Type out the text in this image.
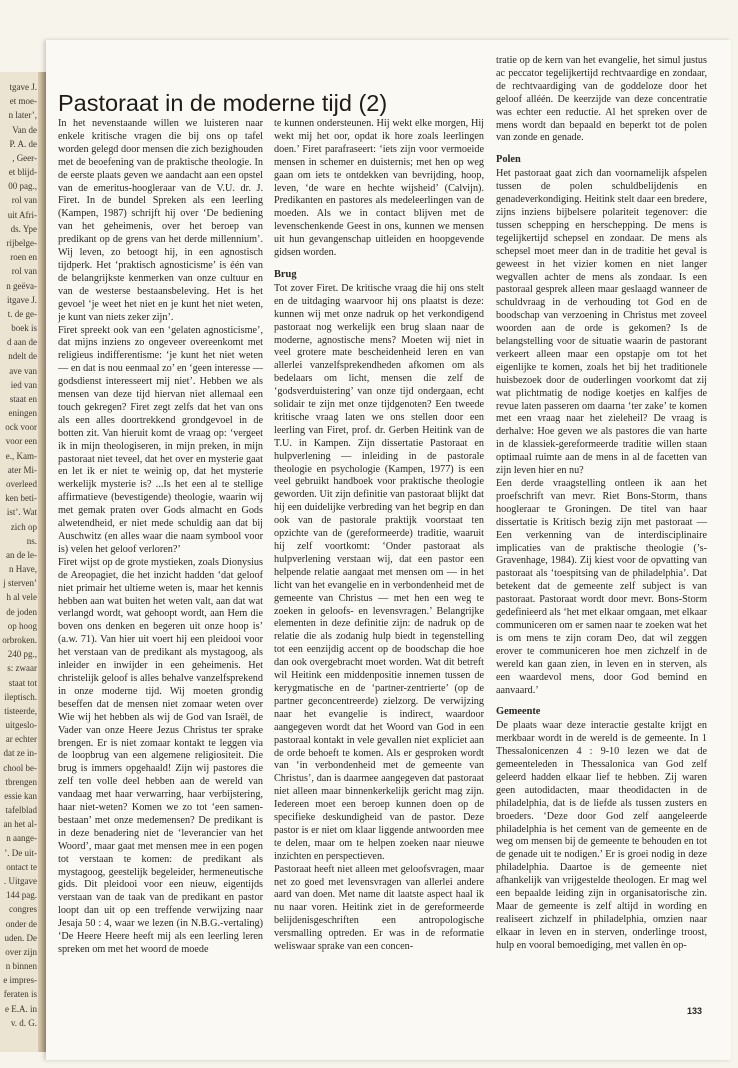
tgave J.
et moe-
n later’,
Van de
P. A. de
, Geer-
et blijd-
00 pag.,
rol van
uit Afri-
ds. Ype
rijbelge-
roen en
rol van
n geëva-
itgave J.
t. de ge-
boek is
d aan de
ndelt de
ave van
ied van
staat en
eningen
ock voor
voor een
e., Kam-
ater Mi-
overleed
ken beti-
ist’. Wat
zich op
ns.
an de le-
n Have,
j sterven’
h al vele
de joden
op hoog
orbroken.
240 pg.,
s: zwaar
staat tot
ileptisch.
tisteerde,
uitgeslo-
ar echter
dat ze in-
chool be-
tbrengen
essie kan
tafelblad
an het al-
n aange-
’. De uit-
ontact te
. Uitgave
144 pag.
congres
onder de
uden. De
over zijn
n binnen
e impres-
feraten is
e E.A. in
v. d. G.
Pastoraat in de moderne tijd (2)

In het nevenstaande willen we luisteren naar enkele kritische vragen die bij ons op tafel worden gelegd door mensen die zich bezighouden met de beoefening van de praktische theologie. In de eerste plaats geven we aandacht aan een opstel van de emeritus-hoogleraar van de V.U. dr. J. Firet. In de bundel Spreken als een leerling (Kampen, 1987) schrijft hij over ‘De bediening van het geheimenis, over het beroep van predikant op de grens van het derde millennium’. Wij leven, zo betoogt hij, in een agnostisch tijdperk. Het ‘praktisch agnosticisme’ is één van de belangrijkste kenmerken van onze cultuur en van de westerse bestaansbeleving. Het is het gevoel ‘je weet het niet en je kunt het niet weten, je kunt van niets zeker zijn’.

Firet spreekt ook van een ‘gelaten agnosticisme’, dat mijns inziens zo ongeveer overeenkomt met religieus indifferentisme: ‘je kunt het niet weten — en dat is nou eenmaal zo’ en ‘geen interesse — godsdienst interesseert mij niet’. Hebben we als mensen van deze tijd hiervan niet allemaal een touch gekregen? Firet zegt zelfs dat het van ons als een alles doortrekkend grondgevoel in de botten zit. Van hieruit komt de vraag op: ‘vergeet ik in mijn theologiseren, in mijn preken, in mijn pastoraat niet teveel, dat het over en mysterie gaat en let ik er niet te weinig op, dat het mysterie werkelijk mysterie is? ...Is het een al te stellige affirmatieve (bevestigende) theologie, waarin wij met gemak praten over Gods almacht en Gods alwetendheid, er niet mede schuldig aan dat bij Auschwitz (en alles waar die naam symbool voor is) velen het geloof verloren?’

Firet wijst op de grote mystieken, zoals Dionysius de Areopagiet, die het inzicht hadden ‘dat geloof niet primair het ultieme weten is, maar het kennis hebben aan wat buiten het weten valt, aan dat wat verlangd wordt, wat gehoopt wordt, aan Hem die boven ons denken en begeren uit onze hoop is’ (a.w. 71). Van hier uit voert hij een pleidooi voor het verstaan van de predikant als mystagoog, als inleider en inwijder in een geheimenis. Het christelijk geloof is alles behalve vanzelfsprekend in onze moderne tijd. Wij moeten grondig beseffen dat de mensen niet zomaar weten over Wie wij het hebben als wij de God van Israël, de Vader van onze Heere Jezus Christus ter sprake brengen. Er is niet zomaar kontakt te leggen via de loopbrug van een algemene religiositeit. Die brug is immers opgehaald! Zijn wij pastores die zelf ten volle deel hebben aan de wereld van vandaag met haar verwarring, haar verbijstering, haar niet-weten? Komen we zo tot ‘een samen-bestaan’ met onze medemensen? De predikant is in deze benadering niet de ‘leverancier van het Woord’, maar gaat met mensen mee in een pogen tot verstaan te komen: de predikant als mystagoog, geestelijk begeleider, hermeneutische gids. Dit pleidooi voor een nieuw, eigentijds verstaan van de taak van de predikant en pastor loopt dan uit op een treffende verwijzing naar Jesaja 50 : 4, waar we lezen (in N.B.G.-vertaling) ‘De Heere Heere heeft mij als een leerling leren spreken om met het woord de moede

te kunnen ondersteunen. Hij wekt elke morgen, Hij wekt mij het oor, opdat ik hore zoals leerlingen doen.’ Firet parafraseert: ‘iets zijn voor vermoeide mensen in schemer en duisternis; met hen op weg gaan om iets te ontdekken van bevrijding, hoop, leven, ‘de ware en hechte wijsheid’ (Calvijn). Predikanten en pastores als medeleerlingen van de moeden. Als we in contact blijven met de levenschenkende Geest in ons, kunnen we mensen uit hun gevangenschap uitleiden en hoopgevende gidsen worden.

Brug

Tot zover Firet. De kritische vraag die hij ons stelt en de uitdaging waarvoor hij ons plaatst is deze: kunnen wij met onze nadruk op het verkondigend pastoraat nog werkelijk een brug slaan naar de moderne, agnostische mens? Moeten wij niet in veel grotere mate bescheidenheid leren en van allerlei vanzelfsprekendheden afkomen om als bedelaars om licht, mensen die zelf de ‘godsverduistering’ van onze tijd ondergaan, echt solidair te zijn met onze tijdgenoten? Een tweede kritische vraag laten we ons stellen door een leerling van Firet, prof. dr. Gerben Heitink van de T.U. in Kampen. Zijn dissertatie Pastoraat en hulpverlening — inleiding in de pastorale theologie en psychologie (Kampen, 1977) is een veel gebruikt handboek voor praktische theologie geworden. Uit zijn definitie van pastoraat blijkt dat hij een duidelijke verbreding van het begrip en dan ook van de pastorale praktijk voorstaat ten opzichte van de (gereformeerde) traditie, waaruit hij zelf voortkomt: ‘Onder pastoraat als hulpverlening verstaan wij, dat een pastor een helpende relatie aangaat met mensen om — in het licht van het evangelie en in verbondenheid met de gemeente van Christus — met hen een weg te zoeken in geloofs- en levensvragen.’ Belangrijke elementen in deze definitie zijn: de nadruk op de relatie die als zodanig hulp biedt in tegenstelling tot een eenzijdig accent op de boodschap die hoe dan ook overgebracht moet worden. Wat dit betreft wil Heitink een middenpositie innemen tussen de kerygmatische en de ‘partner-zentrierte’ (op de partner geconcentreerde) zielzorg. De verwijzing naar het evangelie is indirect, waardoor aangegeven wordt dat het Woord van God in een pastoraal kontakt in vele gevallen niet expliciet aan de orde behoeft te komen. Als er gesproken wordt van ‘in verbondenheid met de gemeente van Christus’, dan is daarmee aangegeven dat pastoraat niet alleen maar binnenkerkelijk gericht mag zijn. Iedereen moet een beroep kunnen doen op de specifieke deskundigheid van de pastor. Deze pastor is er niet om klaar liggende antwoorden mee te delen, maar om te helpen zoeken naar nieuwe inzichten en perspectieven.

Pastoraat heeft niet alleen met geloofsvragen, maar net zo goed met levensvragen van allerlei andere aard van doen. Met name dit laatste aspect haal ik nu naar voren. Heitink ziet in de gereformeerde belijdenisgeschriften een antropologische versmalling optreden. Er was in de reformatie weliswaar sprake van een concen-

tratie op de kern van het evangelie, het simul justus ac peccator tegelijkertijd rechtvaardige en zondaar, de rechtvaardiging van de goddeloze door het geloof alléén. De keerzijde van deze concentratie was echter een reductie. Al het spreken over de mens wordt dan bepaald en beperkt tot de polen van zonde en genade.

Polen

Het pastoraat gaat zich dan voornamelijk afspelen tussen de polen schuldbelijdenis en genadeverkondiging. Heitink stelt daar een bredere, zijns inziens bijbelsere polariteit tegenover: die tussen schepping en herschepping. De mens is tegelijkertijd schepsel en zondaar. De mens als schepsel moet meer dan in de traditie het geval is geweest in het vizier komen en niet langer wegvallen achter de mens als zondaar. Is een pastoraal gesprek alleen maar geslaagd wanneer de schuldvraag in de verhouding tot God en de boodschap van verzoening in Christus met zoveel woorden aan de orde is gekomen? Is de belangstelling voor de situatie waarin de pastorant verkeert alleen maar een opstapje om tot het eigenlijke te komen, zoals het bij het traditionele huisbezoek door de ouderlingen voorkomt dat zij wat plichtmatig de nodige koetjes en kalfjes de revue laten passeren om daarna ‘ter zake’ te komen met een vraag naar het zieleheil? De vraag is derhalve: Hoe geven we als pastores die van harte in de klassiek-gereformeerde traditie willen staan optimaal ruimte aan de mens in al de facetten van zijn leven hier en nu?

Een derde vraagstelling ontleen ik aan het proefschrift van mevr. Riet Bons-Storm, thans hoogleraar te Groningen. De titel van haar dissertatie is Kritisch bezig zijn met pastoraat — Een verkenning van de interdisciplinaire implicaties van de praktische theologie (’s-Gravenhage, 1984). Zij kiest voor de opvatting van pastoraat als ‘toespitsing van de philadelphia’. Dat betekent dat de gemeente zelf subject is van pastoraat. Pastoraat wordt door mevr. Bons-Storm gedefinieerd als ‘het met elkaar omgaan, met elkaar communiceren om er samen naar te zoeken wat het is om mens te zijn coram Deo, dat wil zeggen erover te communiceren hoe men zichzelf in de wereld kan gaan zien, in leven en in sterven, als een waardevol mens, door God bemind en aanvaard.’

Gemeente

De plaats waar deze interactie gestalte krijgt en merkbaar wordt in de wereld is de gemeente. In 1 Thessalonicenzen 4 : 9-10 lezen we dat de gemeenteleden in Thessalonica van God zelf geleerd hadden elkaar lief te hebben. Zij waren geen autodidacten, maar theodidacten in de philadelphia, dat is de liefde als tussen zusters en broeders. ‘Deze door God zelf aangeleerde philadelphia is het cement van de gemeente en de weg om mensen bij de gemeente te behouden en tot de genade uit te nodigen.’ Er is groei nodig in deze philadelphia. Daartoe is de gemeente niet afhankelijk van vrijgestelde theologen. Er mag wel een bepaalde leiding zijn in organisatorische zin. Maar de gemeente is zelf altijd in wording en realiseert zichzelf in philadelphia, omzien naar elkaar in leven en in sterven, onderlinge troost, hulp en vooral bemoediging, met vallen èn op-

133
